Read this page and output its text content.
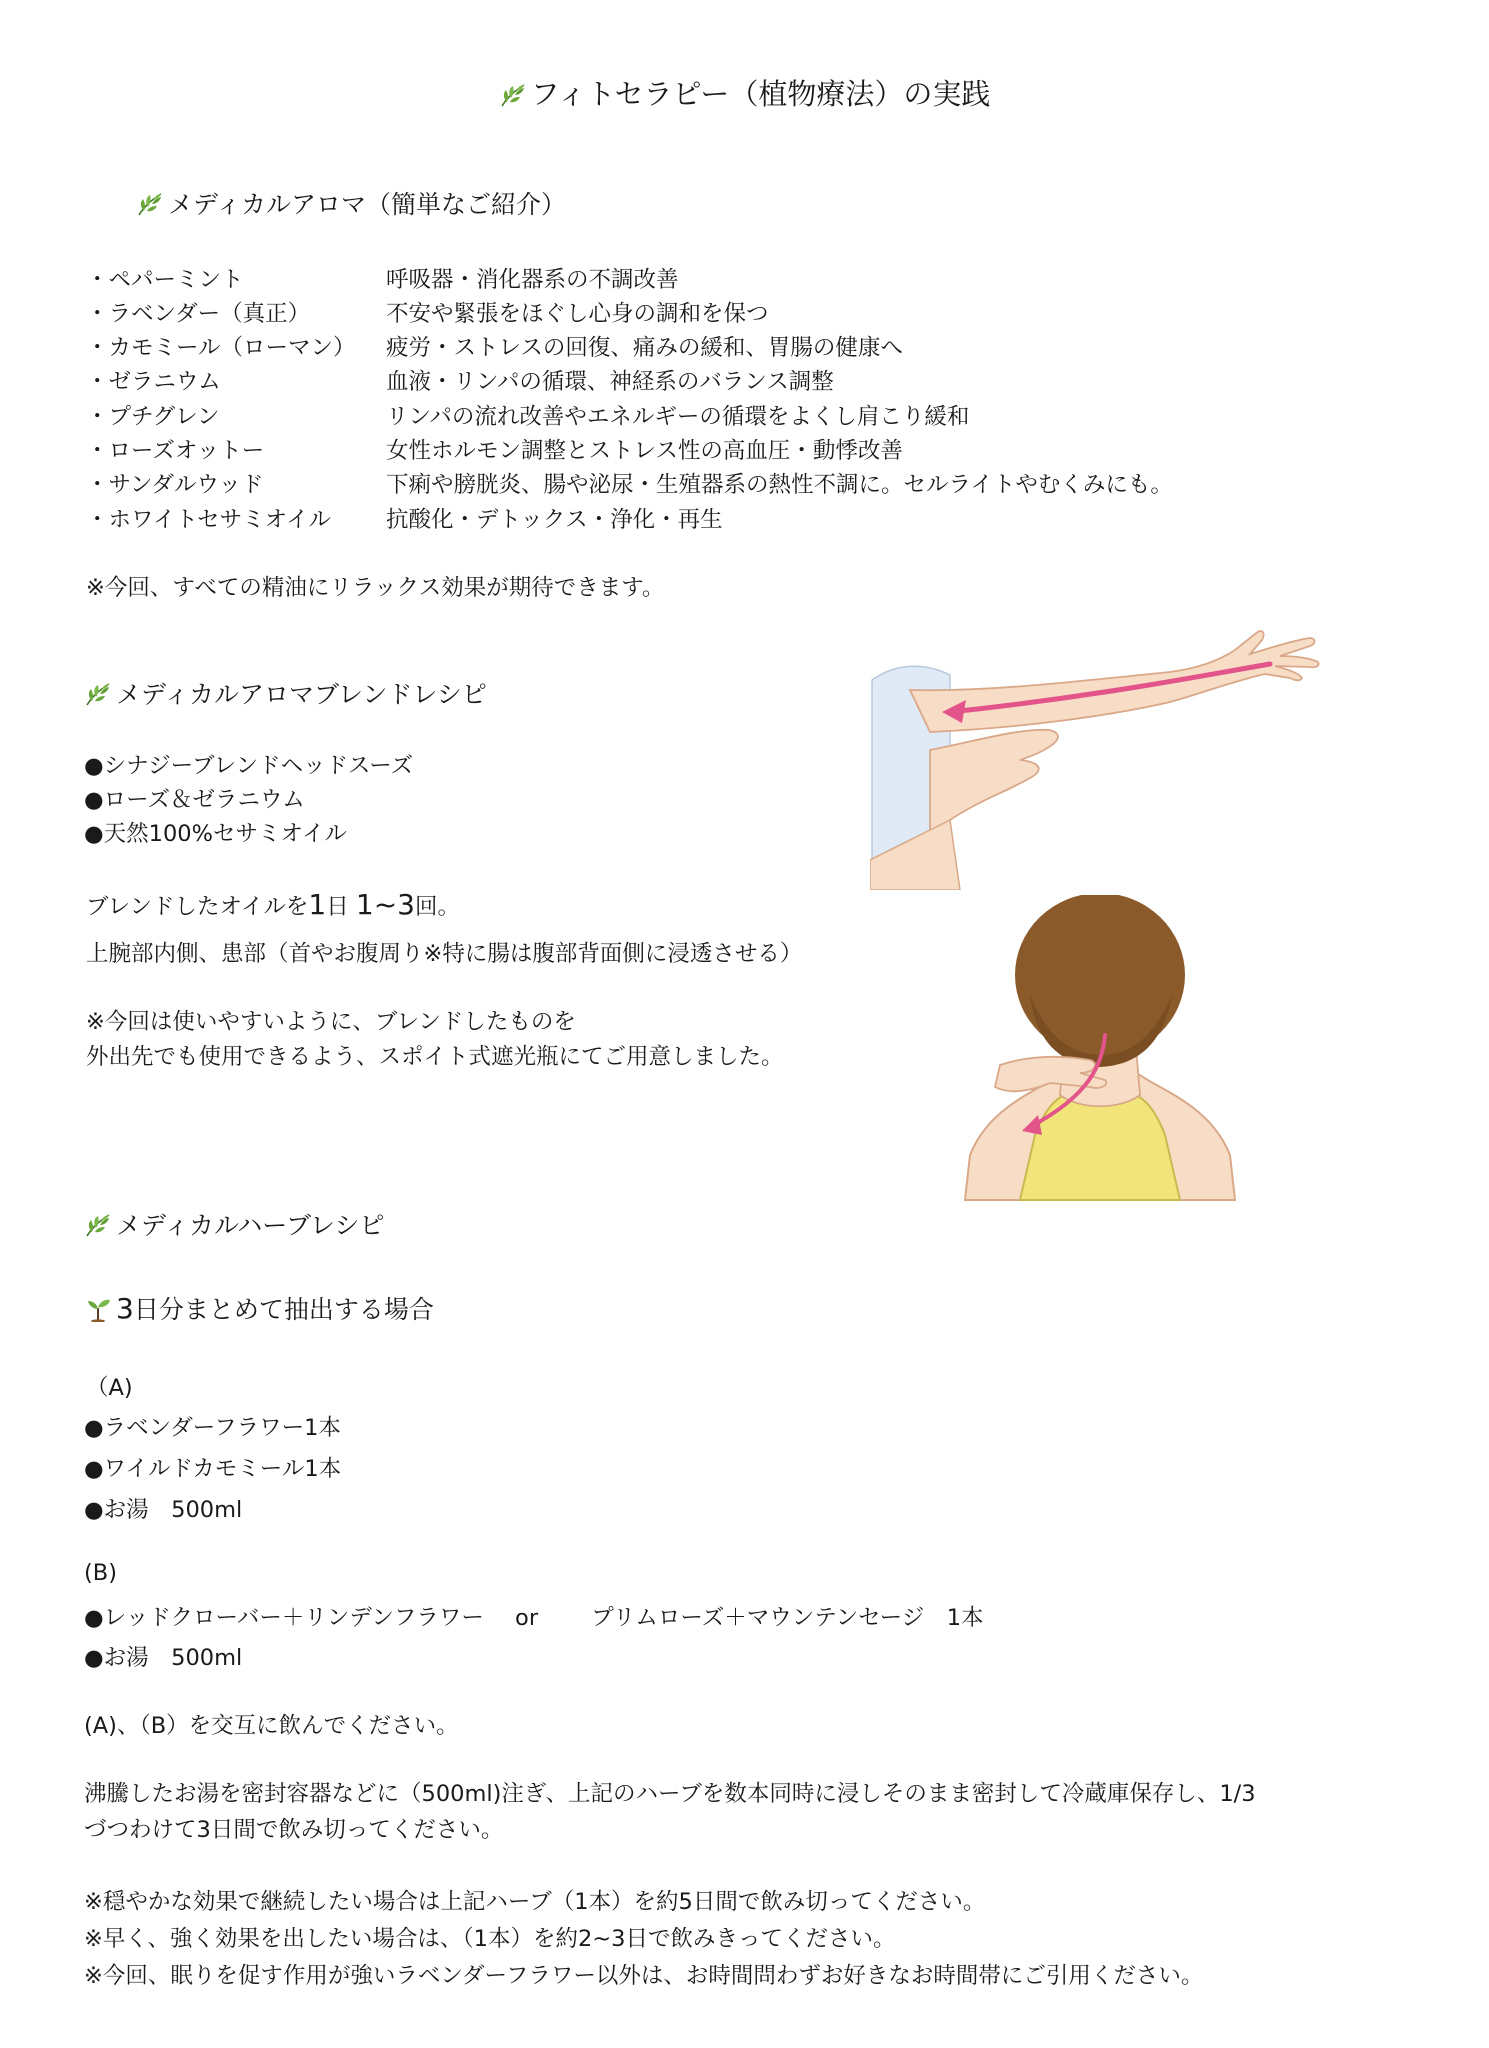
フィトセラピー（植物療法）の実践
メディカルアロマ（簡単なご紹介）
・ペパーミント	呼吸器・消化器系の不調改善
・ラベンダー（真正）	不安や緊張をほぐし心身の調和を保つ
・カモミール（ローマン） 疲労・ストレスの回復、痛みの緩和、胃腸の健康へ
・ゼラニウム	血液・リンパの循環、神経系のバランス調整
・プチグレン	リンパの流れ改善やエネルギーの循環をよくし肩こり緩和
・ローズオットー	女性ホルモン調整とストレス性の高血圧・動悸改善
・サンダルウッド	下痢や膀胱炎、腸や泌尿・生殖器系の熱性不調に。セルライトやむくみにも。
・ホワイトセサミオイル 抗酸化・デトックス・浄化・再生
※今回、すべての精油にリラックス効果が期待できます。
メディカルアロマブレンドレシピ
●シナジーブレンドヘッドスーズ
●ローズ＆ゼラニウム
●天然100%セサミオイル
ブレンドしたオイルを1日 1~3回。
上腕部内側、患部（首やお腹周り※特に腸は腹部背面側に浸透させる）
※今回は使いやすいように、ブレンドしたものを
外出先でも使用できるよう、スポイト式遮光瓶にてご用意しました。
メディカルハーブレシピ
3日分まとめて抽出する場合
（A)
●ラベンダーフラワー1本
●ワイルドカモミール1本
●お湯　500ml
(B)
●レッドクローバー＋リンデンフラワー or プリムローズ＋マウンテンセージ　1本
●お湯　500ml
(A)、（B）を交互に飲んでください。
沸騰したお湯を密封容器などに（500ml)注ぎ、上記のハーブを数本同時に浸しそのまま密封して冷蔵庫保存し、1/3
づつわけて3日間で飲み切ってください。
※穏やかな効果で継続したい場合は上記ハーブ（1本）を約5日間で飲み切ってください。
※早く、強く効果を出したい場合は、（1本）を約2~3日で飲みきってください。
※今回、眠りを促す作用が強いラベンダーフラワー以外は、お時間問わずお好きなお時間帯にご引用ください。
